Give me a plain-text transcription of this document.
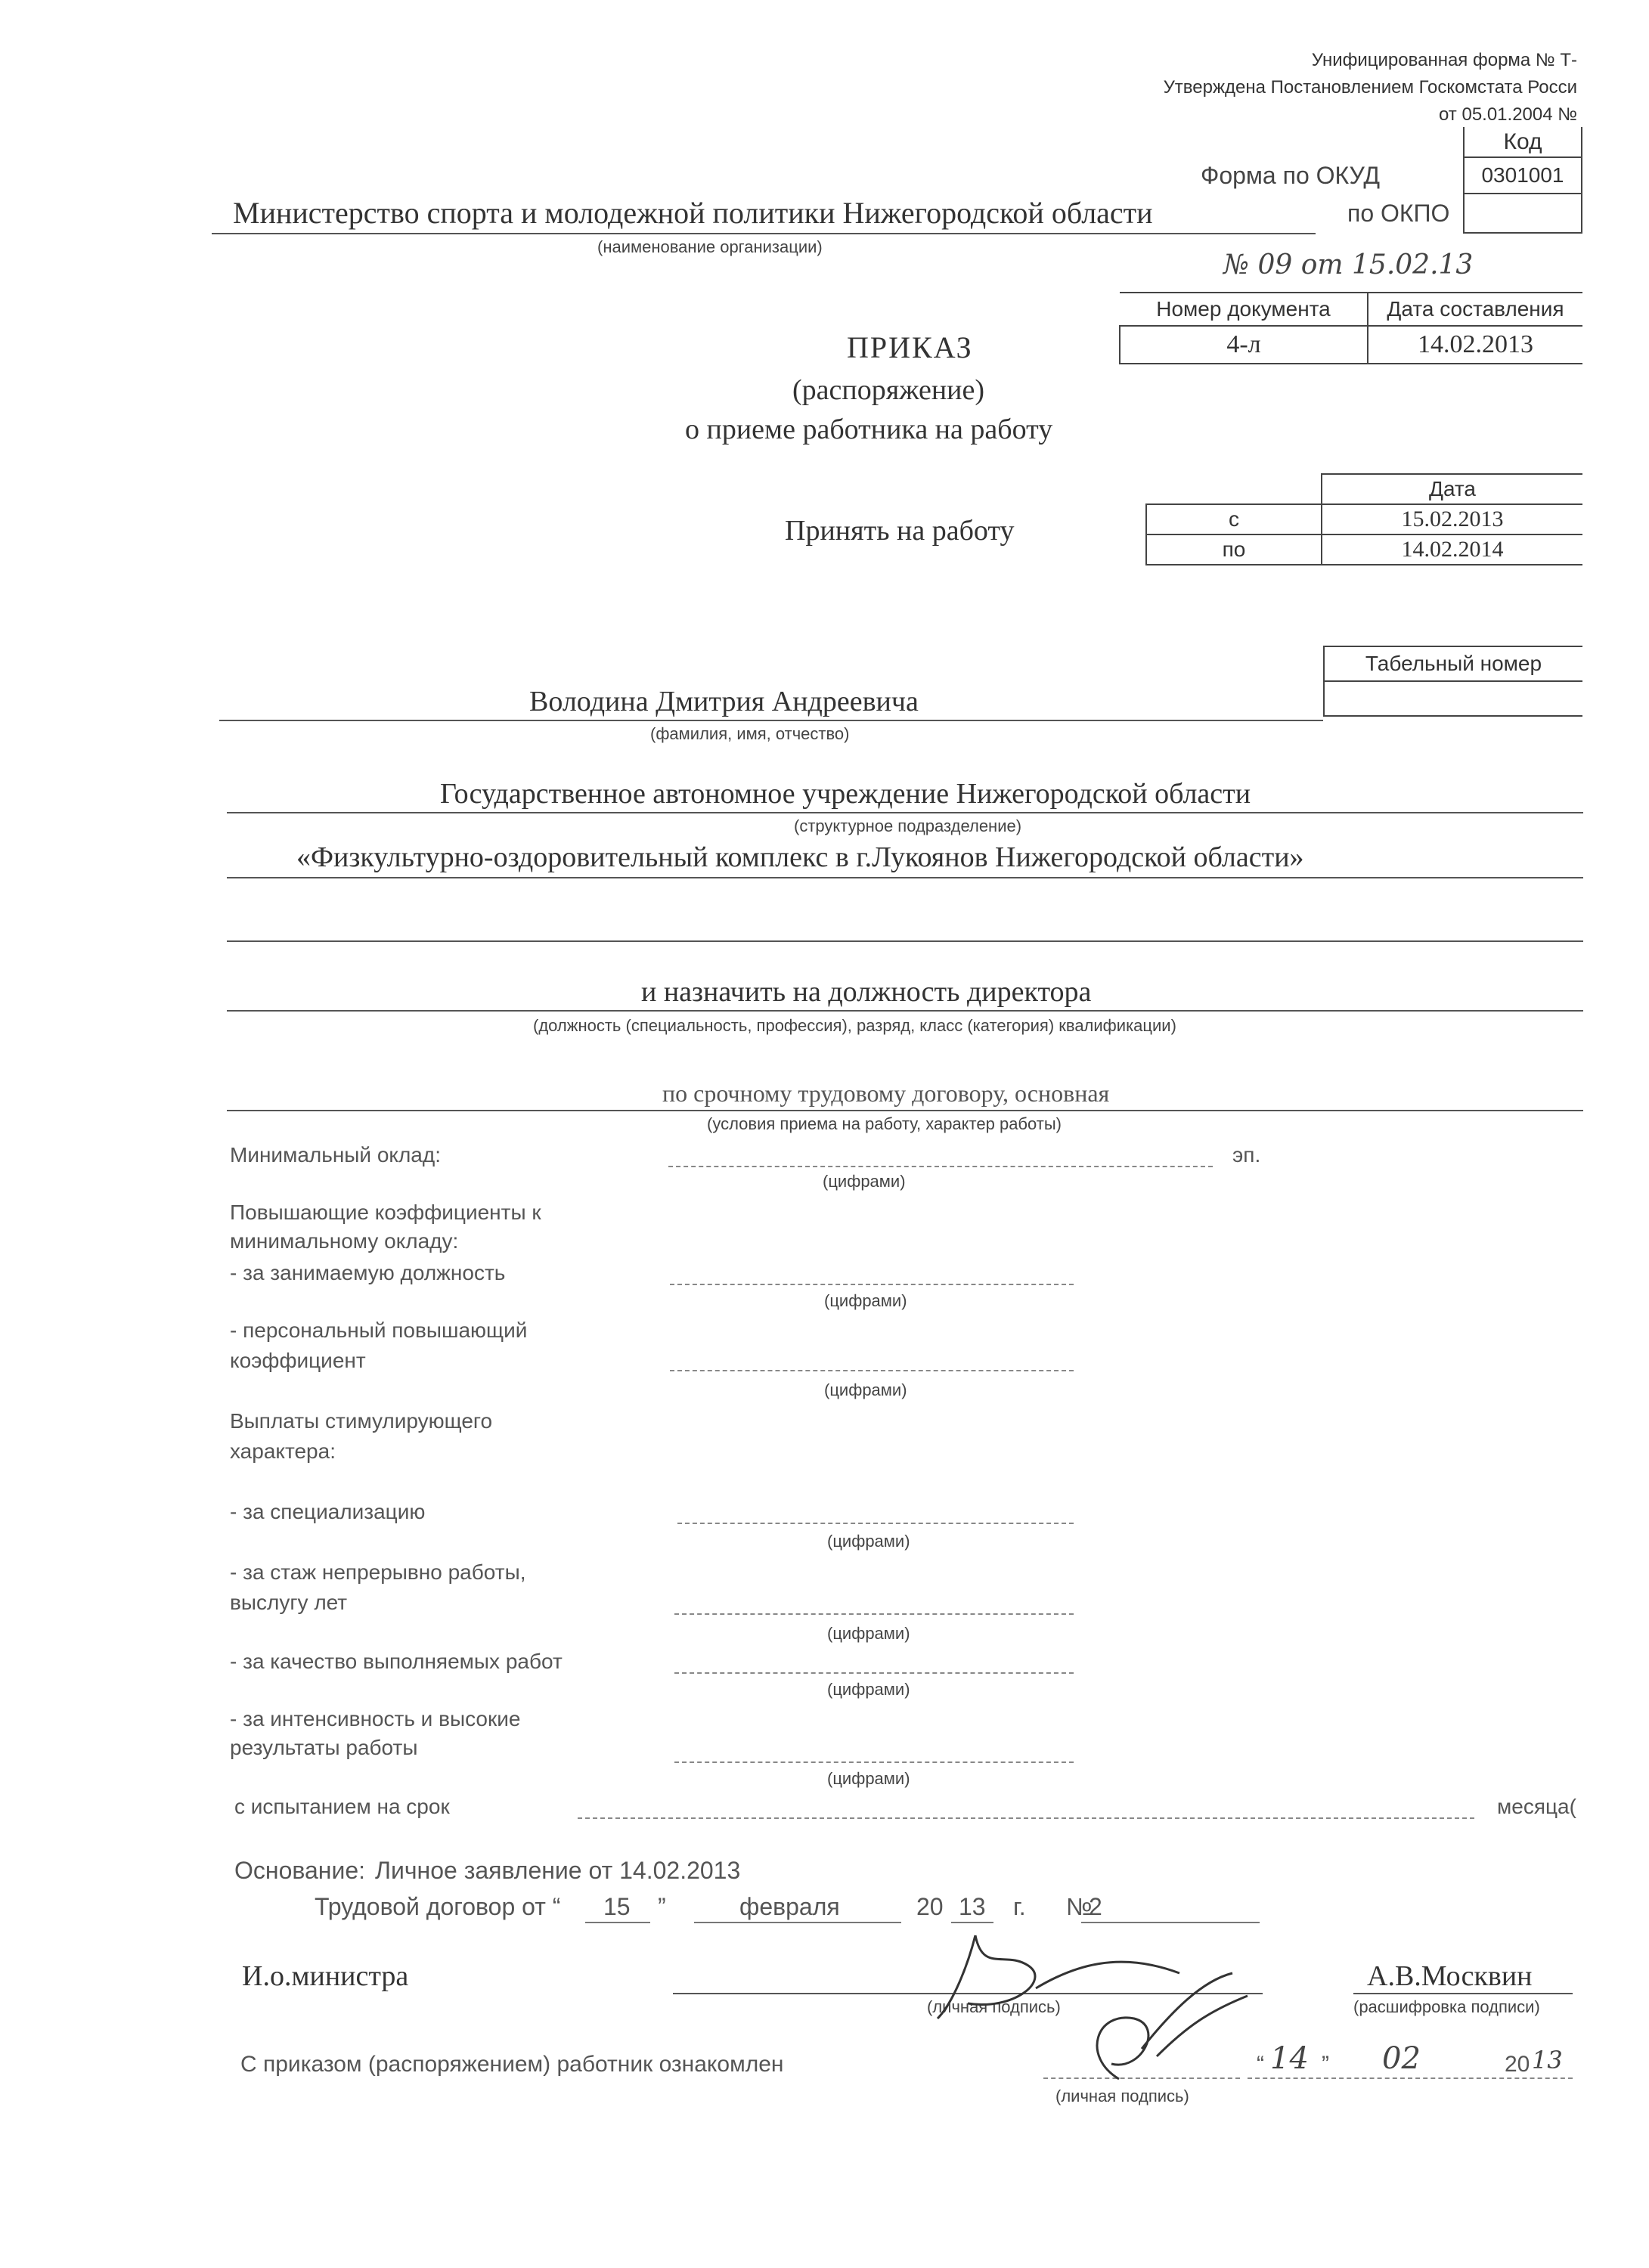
Унифицированная форма № Т-
Утверждена Постановлением Госкомстата Росси
от 05.01.2004 №
Код
0301001

Форма по ОКУД
по ОКПО
Министерство спорта и молодежной политики Нижегородской области
(наименование организации)
№ 09 от 15.02.13
Номер документа	Дата составления
4-л	14.02.2013
ПРИКАЗ
(распоряжение)
о приеме работника на работу
	Дата
с	15.02.2013
по	14.02.2014
Принять на работу
Табельный номер

Володина Дмитрия Андреевича
(фамилия, имя, отчество)
Государственное автономное учреждение Нижегородской области
(структурное подразделение)
«Физкультурно-оздоровительный комплекс в г.Лукоянов Нижегородской области»
и назначить на должность директора
(должность (специальность, профессия), разряд, класс (категория) квалификации)
по срочному трудовому договору, основная
(условия приема на работу, характер работы)
Минимальный оклад:	эп.
(цифрами)
Повышающие коэффициенты к
минимальному окладу:
- за занимаемую должность
(цифрами)
- персональный повышающий
коэффициент
(цифрами)
Выплаты стимулирующего
характера:
- за специализацию
(цифрами)
- за стаж непрерывно работы,
выслугу лет
(цифрами)
- за качество выполняемых работ
(цифрами)
- за интенсивность и высокие
результаты работы
(цифрами)
с испытанием на срок	месяца(
Основание: Личное заявление от 14.02.2013
Трудовой договор от “ 15 ”	февраля	20 13 г. №
2
И.о.министра
(личная подпись)
А.В.Москвин
(расшифровка подписи)
С приказом (распоряжением) работник ознакомлен
(личная подпись)
“ 14 ” 02	20 13
